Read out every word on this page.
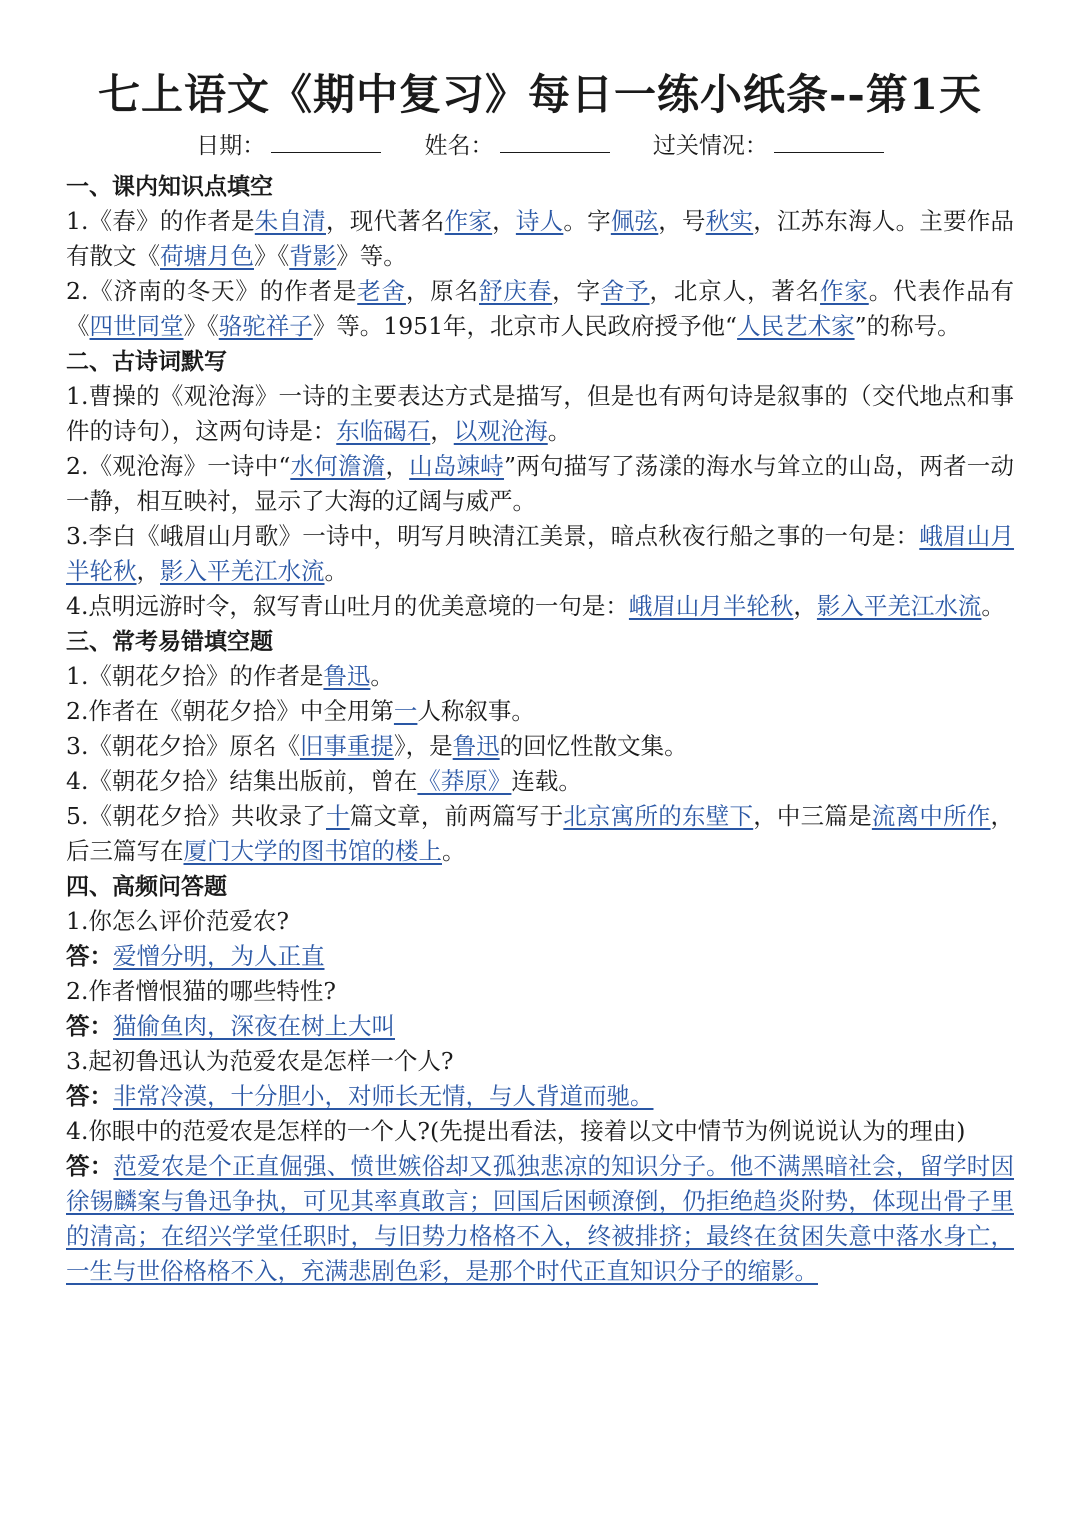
七上语文《期中复习》每日一练小纸条--第1天
日期：	姓名：	过关情况：
一、课内知识点填空

1.《春》的作者是朱自清，现代著名作家，诗人。字佩弦，号秋实，江苏东海人。主要作品有散文《荷塘月色》《背影》等。

2.《济南的冬天》的作者是老舍，原名舒庆春，字舍予，北京人，著名作家。代表作品有《四世同堂》《骆驼祥子》等。1951年，北京市人民政府授予他“人民艺术家”的称号。

二、古诗词默写

1.曹操的《观沧海》一诗的主要表达方式是描写，但是也有两句诗是叙事的（交代地点和事件的诗句），这两句诗是：东临碣石，以观沧海。

2.《观沧海》一诗中“水何澹澹，山岛竦峙”两句描写了荡漾的海水与耸立的山岛，两者一动一静，相互映衬，显示了大海的辽阔与威严。

3.李白《峨眉山月歌》一诗中，明写月映清江美景，暗点秋夜行船之事的一句是：峨眉山月半轮秋，影入平羌江水流。

4.点明远游时令，叙写青山吐月的优美意境的一句是：峨眉山月半轮秋，影入平羌江水流。

三、常考易错填空题

1.《朝花夕拾》的作者是鲁迅。

2.作者在《朝花夕拾》中全用第一人称叙事。

3.《朝花夕拾》原名《旧事重提》，是鲁迅的回忆性散文集。

4.《朝花夕拾》结集出版前，曾在《莽原》连载。

5.《朝花夕拾》共收录了十篇文章，前两篇写于北京寓所的东壁下，中三篇是流离中所作，后三篇写在厦门大学的图书馆的楼上。

四、高频问答题

1.你怎么评价范爱农?

答：爱憎分明，为人正直

2.作者憎恨猫的哪些特性?

答：猫偷鱼肉，深夜在树上大叫

3.起初鲁迅认为范爱农是怎样一个人?

答：非常冷漠，十分胆小，对师长无情，与人背道而驰。

4.你眼中的范爱农是怎样的一个人?(先提出看法，接着以文中情节为例说说认为的理由)

答：范爱农是个正直倔强、愤世嫉俗却又孤独悲凉的知识分子。他不满黑暗社会，留学时因徐锡麟案与鲁迅争执，可见其率真敢言；回国后困顿潦倒，仍拒绝趋炎附势，体现出骨子里的清高；在绍兴学堂任职时，与旧势力格格不入，终被排挤；最终在贫困失意中落水身亡，一生与世俗格格不入，充满悲剧色彩，是那个时代正直知识分子的缩影。
